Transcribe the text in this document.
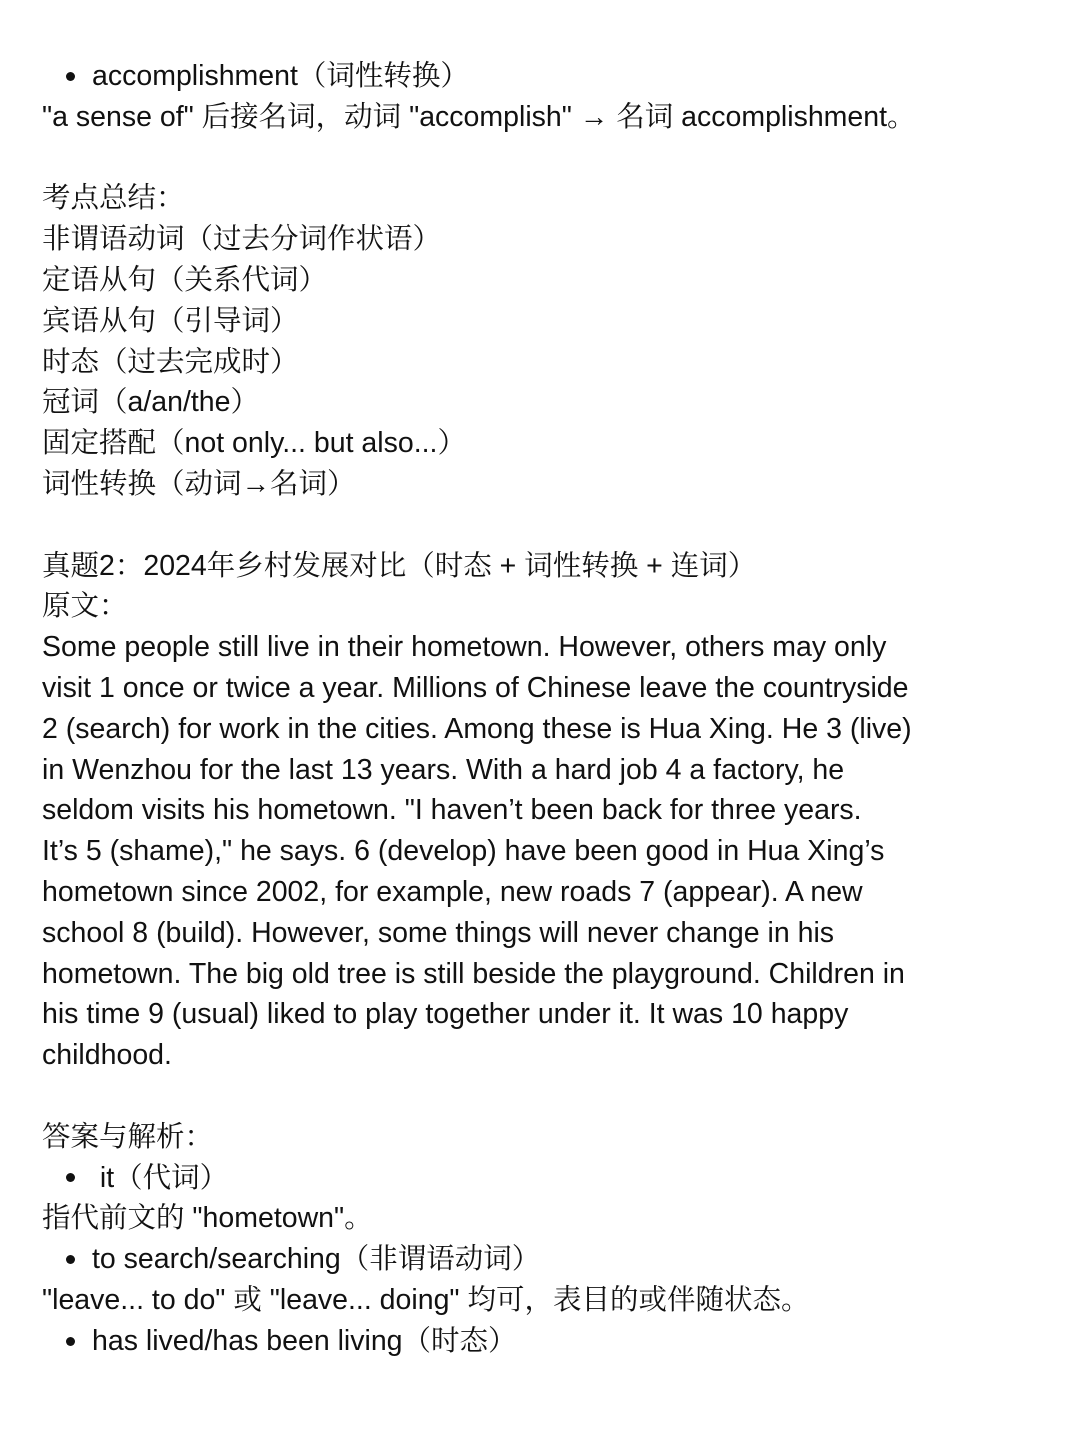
accomplishment（词性转换）
"a sense of" 后接名词，动词 "accomplish" → 名词 accomplishment。
考点总结：
非谓语动词（过去分词作状语）
定语从句（关系代词）
宾语从句（引导词）
时态（过去完成时）
冠词（a/an/the）
固定搭配（not only... but also...）
词性转换（动词→名词）
真题2：2024年乡村发展对比（时态 + 词性转换 + 连词）
原文：
Some people still live in their hometown. However, others may only
visit 1 once or twice a year. Millions of Chinese leave the countryside
2 (search) for work in the cities. Among these is Hua Xing. He 3 (live)
in Wenzhou for the last 13 years. With a hard job 4 a factory, he
seldom visits his hometown. "I haven’t been back for three years.
It’s 5 (shame)," he says. 6 (develop) have been good in Hua Xing’s
hometown since 2002, for example, new roads 7 (appear). A new
school 8 (build). However, some things will never change in his
hometown. The big old tree is still beside the playground. Children in
his time 9 (usual) liked to play together under it. It was 10 happy
childhood.
答案与解析：
it（代词）
指代前文的 "hometown"。
to search/searching（非谓语动词）
"leave... to do" 或 "leave... doing" 均可，表目的或伴随状态。
has lived/has been living（时态）
